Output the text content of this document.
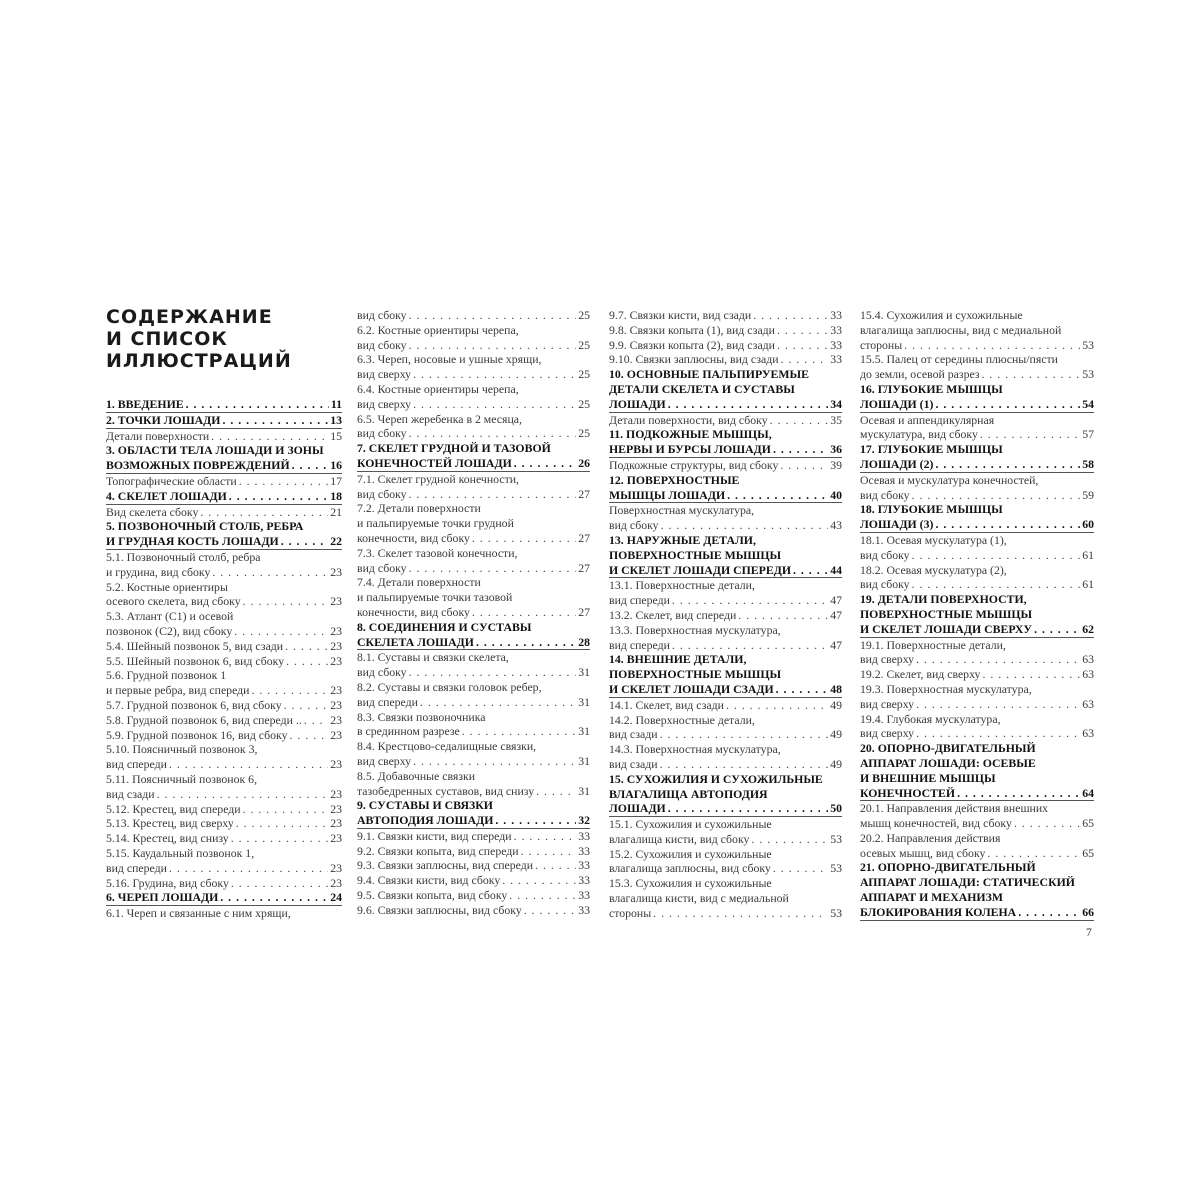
СОДЕРЖАНИЕ
И СПИСОК
ИЛЛЮСТРАЦИЙ
1. ВВЕДЕНИЕ . . .	11
2. ТОЧКИ ЛОШАДИ . . .	13
Детали поверхности . . .	15
3. ОБЛАСТИ ТЕЛА ЛОШАДИ И ЗОНЫ
ВОЗМОЖНЫХ ПОВРЕЖДЕНИЙ . . .	16
Топографические области . . .	17
4. СКЕЛЕТ ЛОШАДИ . . .	18
Вид скелета сбоку . . .	21
5. ПОЗВОНОЧНЫЙ СТОЛБ, РЕБРА
И ГРУДНАЯ КОСТЬ ЛОШАДИ . . .	22
5.1. Позвоночный столб, ребра
и грудина, вид сбоку . . .	23
5.2. Костные ориентиры
осевого скелета, вид сбоку . . .	23
5.3. Атлант (С1) и осевой
позвонок (С2), вид сбоку . . .	23
5.4. Шейный позвонок 5, вид сзади . . .	23
5.5. Шейный позвонок 6, вид сбоку . . .	23
5.6. Грудной позвонок 1
и первые ребра, вид спереди . . .	23
5.7. Грудной позвонок 6, вид сбоку . . .	23
5.8. Грудной позвонок 6, вид спереди .. . . . 23
5.9. Грудной позвонок 16, вид сбоку . . .	23
5.10. Поясничный позвонок 3,
вид спереди . . .	23
5.11. Поясничный позвонок 6,
вид сзади . . .	23
5.12. Крестец, вид спереди . . .	23
5.13. Крестец, вид сверху . . .	23
5.14. Крестец, вид снизу . . .	23
5.15. Каудальный позвонок 1,
вид спереди . . .	23
5.16. Грудина, вид сбоку . . .	23
6. ЧЕРЕП ЛОШАДИ . . .	24
6.1. Череп и связанные с ним хрящи,
вид сбоку . . .	25
6.2. Костные ориентиры черепа,
вид сбоку . . .	25
6.3. Череп, носовые и ушные хрящи,
вид сверху . . .	25
6.4. Костные ориентиры черепа,
вид сверху . . .	25
6.5. Череп жеребенка в 2 месяца,
вид сбоку . . .	25
7. СКЕЛЕТ ГРУДНОЙ И ТАЗОВОЙ
КОНЕЧНОСТЕЙ ЛОШАДИ . . .	26
7.1. Скелет грудной конечности,
вид сбоку . . .	27
7.2. Детали поверхности
и пальпируемые точки грудной
конечности, вид сбоку . . .	27
7.3. Скелет тазовой конечности,
вид сбоку . . .	27
7.4. Детали поверхности
и пальпируемые точки тазовой
конечности, вид сбоку . . .	27
8. СОЕДИНЕНИЯ И СУСТАВЫ
СКЕЛЕТА ЛОШАДИ . . .	28
8.1. Суставы и связки скелета,
вид сбоку . . .	31
8.2. Суставы и связки головок ребер,
вид спереди . . .	31
8.3. Связки позвоночника
в срединном разрезе . . .	31
8.4. Крестцово-седалищные связки,
вид сверху . . .	31
8.5. Добавочные связки
тазобедренных суставов, вид снизу . . .	31
9. СУСТАВЫ И СВЯЗКИ
АВТОПОДИЯ ЛОШАДИ . . .	32
9.1. Связки кисти, вид спереди . . .	33
9.2. Связки копыта, вид спереди . . .	33
9.3. Связки заплюсны, вид спереди . . .	33
9.4. Связки кисти, вид сбоку . . .	33
9.5. Связки копыта, вид сбоку . . .	33
9.6. Связки заплюсны, вид сбоку . . .	33
9.7. Связки кисти, вид сзади . . .	33
9.8. Связки копыта (1), вид сзади . . .	33
9.9. Связки копыта (2), вид сзади . . .	33
9.10. Связки заплюсны, вид сзади . . .	33
10. ОСНОВНЫЕ ПАЛЬПИРУЕМЫЕ
ДЕТАЛИ СКЕЛЕТА И СУСТАВЫ
ЛОШАДИ . . .	34
Детали поверхности, вид сбоку . . .	35
11. ПОДКОЖНЫЕ МЫШЦЫ,
НЕРВЫ И БУРСЫ ЛОШАДИ . . .	36
Подкожные структуры, вид сбоку . . .	39
12. ПОВЕРХНОСТНЫЕ
МЫШЦЫ ЛОШАДИ . . .	40
Поверхностная мускулатура,
вид сбоку . . .	43
13. НАРУЖНЫЕ ДЕТАЛИ,
ПОВЕРХНОСТНЫЕ МЫШЦЫ
И СКЕЛЕТ ЛОШАДИ СПЕРЕДИ . . .	44
13.1. Поверхностные детали,
вид спереди . . .	47
13.2. Скелет, вид спереди . . .	47
13.3. Поверхностная мускулатура,
вид спереди . . .	47
14. ВНЕШНИЕ ДЕТАЛИ,
ПОВЕРХНОСТНЫЕ МЫШЦЫ
И СКЕЛЕТ ЛОШАДИ СЗАДИ . . .	48
14.1. Скелет, вид сзади . . .	49
14.2. Поверхностные детали,
вид сзади . . .	49
14.3. Поверхностная мускулатура,
вид сзади . . .	49
15. СУХОЖИЛИЯ И СУХОЖИЛЬНЫЕ
ВЛАГАЛИЩА АВТОПОДИЯ
ЛОШАДИ . . .	50
15.1. Сухожилия и сухожильные
влагалища кисти, вид сбоку . . .	53
15.2. Сухожилия и сухожильные
влагалища заплюсны, вид сбоку . . .	53
15.3. Сухожилия и сухожильные
влагалища кисти, вид с медиальной
стороны . . .	53
15.4. Сухожилия и сухожильные
влагалища заплюсны, вид с медиальной
стороны . . .	53
15.5. Палец от середины плюсны/пясти
до земли, осевой разрез . . .	53
16. ГЛУБОКИЕ МЫШЦЫ
ЛОШАДИ (1) . . .	54
Осевая и аппендикулярная
мускулатура, вид сбоку . . .	57
17. ГЛУБОКИЕ МЫШЦЫ
ЛОШАДИ (2) . . .	58
Осевая и мускулатура конечностей,
вид сбоку . . .	59
18. ГЛУБОКИЕ МЫШЦЫ
ЛОШАДИ (3) . . .	60
18.1. Осевая мускулатура (1),
вид сбоку . . .	61
18.2. Осевая мускулатура (2),
вид сбоку . . .	61
19. ДЕТАЛИ ПОВЕРХНОСТИ,
ПОВЕРХНОСТНЫЕ МЫШЦЫ
И СКЕЛЕТ ЛОШАДИ СВЕРХУ . . .	62
19.1. Поверхностные детали,
вид сверху . . .	63
19.2. Скелет, вид сверху . . .	63
19.3. Поверхностная мускулатура,
вид сверху . . .	63
19.4. Глубокая мускулатура,
вид сверху . . .	63
20. ОПОРНО-ДВИГАТЕЛЬНЫЙ
АППАРАТ ЛОШАДИ: ОСЕВЫЕ
И ВНЕШНИЕ МЫШЦЫ
КОНЕЧНОСТЕЙ . . .	64
20.1. Направления действия внешних
мышц конечностей, вид сбоку . . .	65
20.2. Направления действия
осевых мышц, вид сбоку . . .	65
21. ОПОРНО-ДВИГАТЕЛЬНЫЙ
АППАРАТ ЛОШАДИ: СТАТИЧЕСКИЙ
АППАРАТ И МЕХАНИЗМ
БЛОКИРОВАНИЯ КОЛЕНА . . .	66
7
